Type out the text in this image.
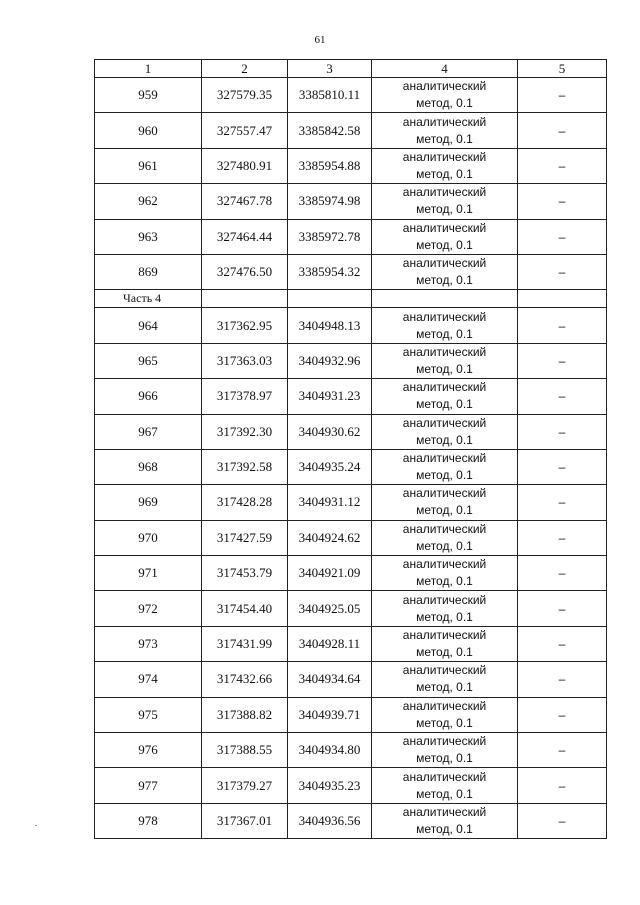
61
1	2	3	4	5
959	327579.35	3385810.11	аналитический
метод, 0.1	–
960	327557.47	3385842.58	аналитический
метод, 0.1	–
961	327480.91	3385954.88	аналитический
метод, 0.1	–
962	327467.78	3385974.98	аналитический
метод, 0.1	–
963	327464.44	3385972.78	аналитический
метод, 0.1	–
869	327476.50	3385954.32	аналитический
метод, 0.1	–
Часть 4				
964	317362.95	3404948.13	аналитический
метод, 0.1	–
965	317363.03	3404932.96	аналитический
метод, 0.1	–
966	317378.97	3404931.23	аналитический
метод, 0.1	–
967	317392.30	3404930.62	аналитический
метод, 0.1	–
968	317392.58	3404935.24	аналитический
метод, 0.1	–
969	317428.28	3404931.12	аналитический
метод, 0.1	–
970	317427.59	3404924.62	аналитический
метод, 0.1	–
971	317453.79	3404921.09	аналитический
метод, 0.1	–
972	317454.40	3404925.05	аналитический
метод, 0.1	–
973	317431.99	3404928.11	аналитический
метод, 0.1	–
974	317432.66	3404934.64	аналитический
метод, 0.1	–
975	317388.82	3404939.71	аналитический
метод, 0.1	–
976	317388.55	3404934.80	аналитический
метод, 0.1	–
977	317379.27	3404935.23	аналитический
метод, 0.1	–
978	317367.01	3404936.56	аналитический
метод, 0.1	–
